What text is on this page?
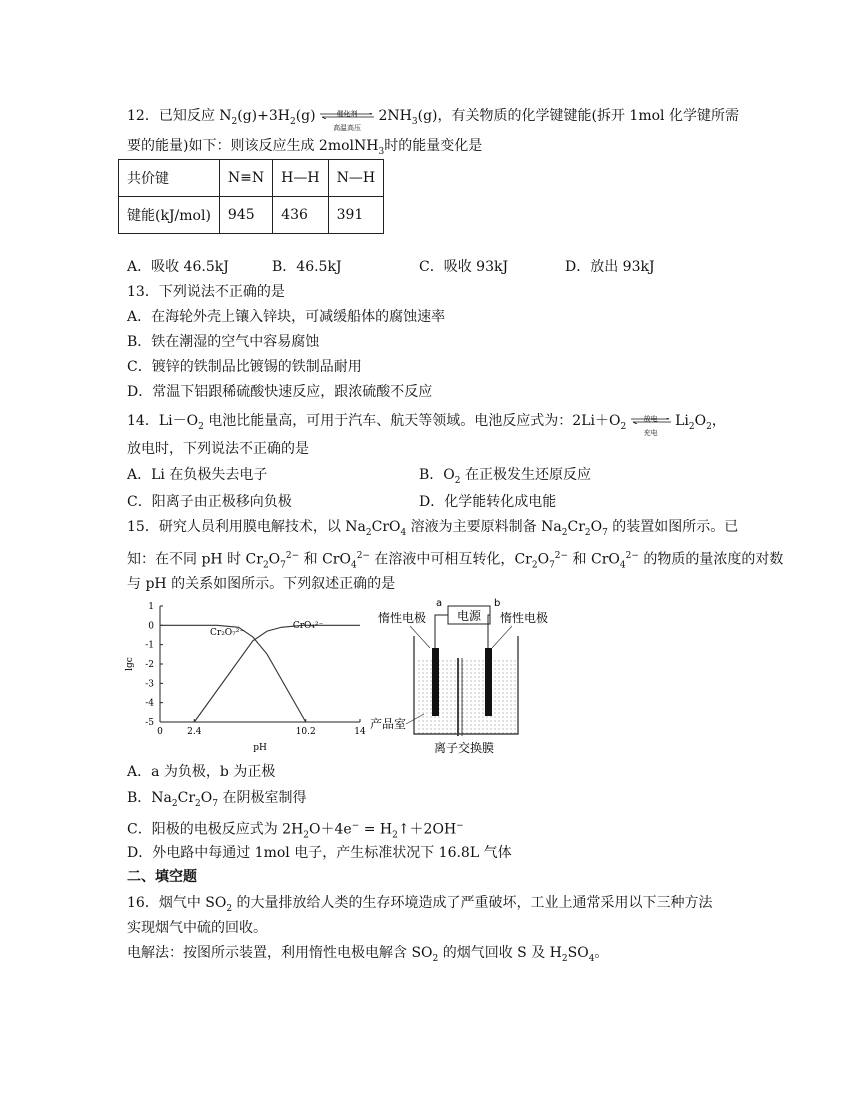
12．已知反应 $N_2(g)+3H_2(g)$	催化剂
高温高压
$2NH_3(g)$，有关物质的化学键键能(拆开 1mol 化学键所需
要的能量)如下：则该反应生成 2molNH$_3$时的能量变化是
共价键	N≡N	H—H	N—H
键能(kJ/mol)	945	436	391
A．吸收 46.5kJ	B．46.5kJ	C．吸收 93kJ	D．放出 93kJ
13．下列说法不正确的是
A．在海轮外壳上镶入锌块，可减缓船体的腐蚀速率
B．铁在潮湿的空气中容易腐蚀
C．镀锌的铁制品比镀锡的铁制品耐用
D．常温下铝跟稀硫酸快速反应，跟浓硫酸不反应
14．$Li-O_2$ 电池比能量高，可用于汽车、航天等领域。电池反应式为：$2Li+O_2$
放电
充电
$Li_2O_2$，
放电时，下列说法不正确的是
A．Li 在负极失去电子	B．$O_2$ 在正极发生还原反应
C．阳离子由正极移向负极	D．化学能转化成电能
15．研究人员利用膜电解技术，以 $Na_2CrO_4$ 溶液为主要原料制备 $Na_2Cr_2O_7$ 的装置如图所示。已
知：在不同 pH 时 $Cr_2O_7^{2-}$ 和 CrO$_4^{2-}$ 在溶液中可相互转化，$Cr_2O_7^{2-}$ 和 CrO$_4^{2-}$ 的物质的量浓度的对数
与 pH 的关系如图所示。下列叙述正确的是
1
0
-1
-2
-3
-4
-5
0	2.4	10.2	14
pH
lgc
Cr₂O₇²⁻
CrO₄²⁻
电源
a	b
惰性电极	惰性电极
产品室
离子交换膜
A．a 为负极，b 为正极
B．$Na_2Cr_2O_7$ 在阴极室制得
C．阳极的电极反应式为 $2H_2O+4e^-$ = $H_2↑+2OH^-$
D．外电路中每通过 1mol 电子，产生标准状况下 16.8L 气体
二、填空题
16．烟气中 $SO_2$ 的大量排放给人类的生存环境造成了严重破坏，工业上通常采用以下三种方法
实现烟气中硫的回收。
电解法：按图所示装置，利用惰性电极电解含 $SO_2$ 的烟气回收 S 及 $H_2SO_4$。
